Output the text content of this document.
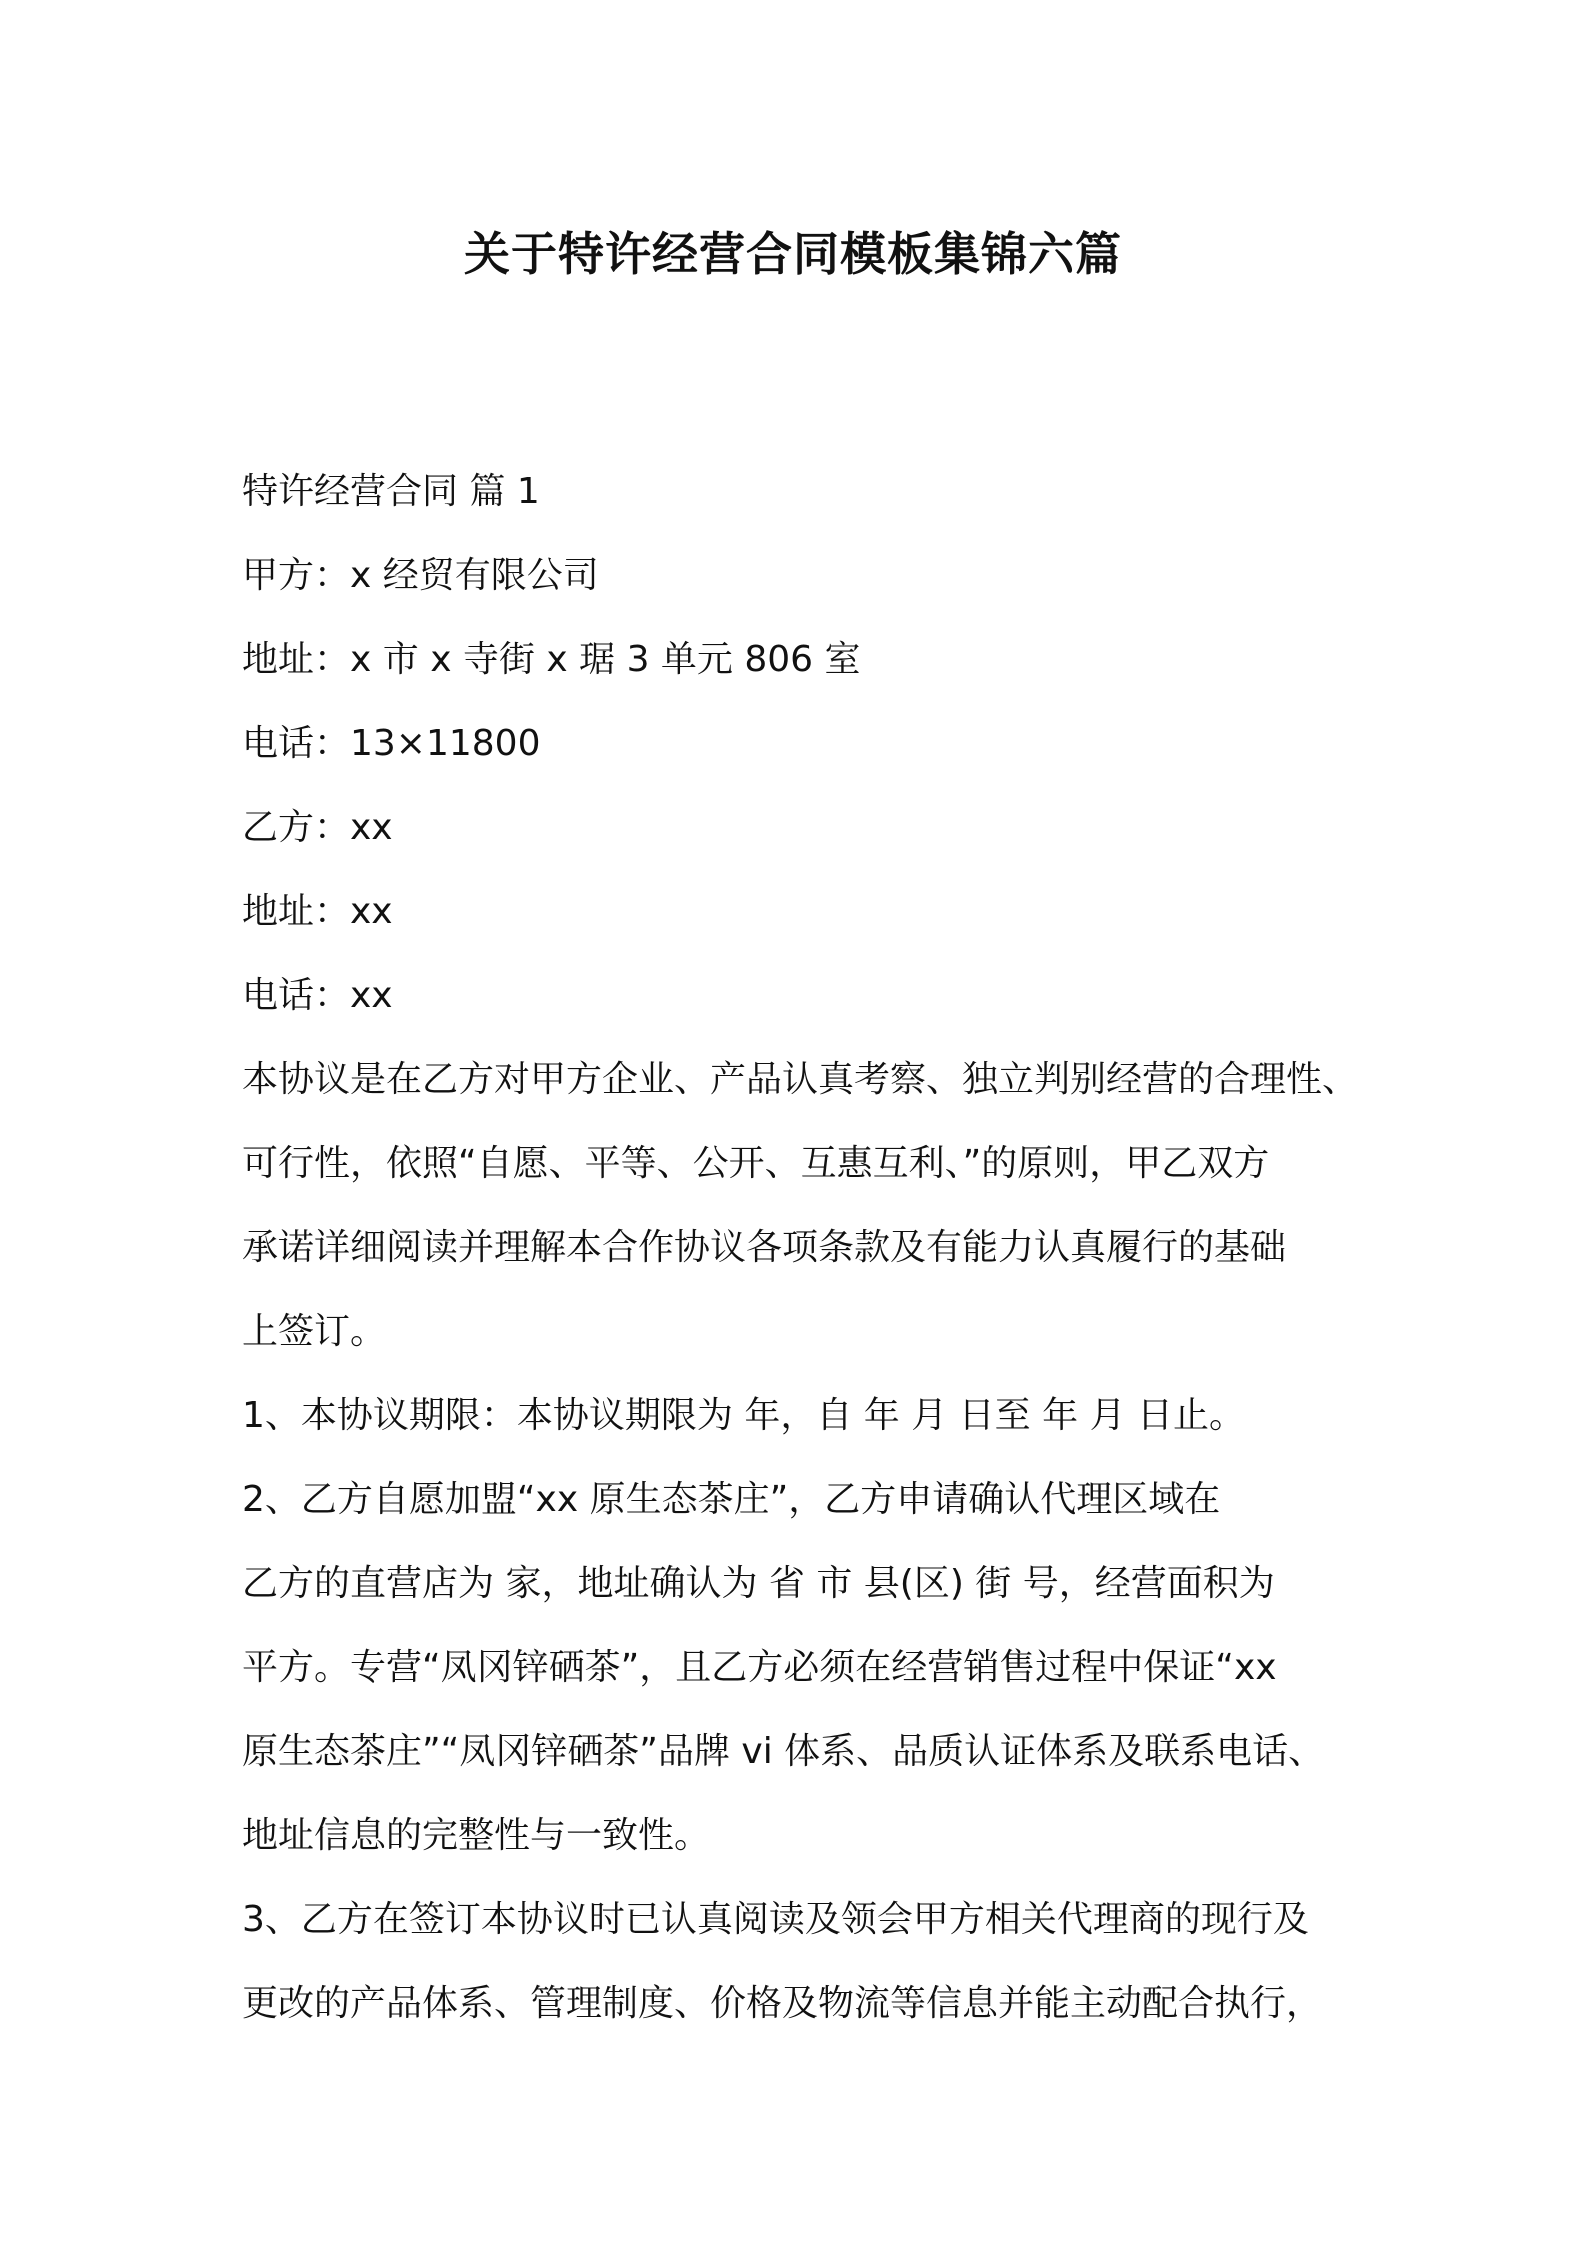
关于特许经营合同模板集锦六篇

特许经营合同 篇 1

甲方：x 经贸有限公司

地址：x 市 x 寺街 x 琚 3 单元 806 室

电话：13×11800

乙方：xx

地址：xx

电话：xx

本协议是在乙方对甲方企业、产品认真考察、独立判别经营的合理性、

可行性，依照“自愿、平等、公开、互惠互利、”的原则，甲乙双方

承诺详细阅读并理解本合作协议各项条款及有能力认真履行的基础

上签订。

1、本协议期限：本协议期限为 年，自 年 月 日至 年 月 日止。

2、乙方自愿加盟“xx 原生态茶庄”，乙方申请确认代理区域在

乙方的直营店为 家，地址确认为 省 市 县(区) 街 号，经营面积为

平方。专营“凤冈锌硒茶”，且乙方必须在经营销售过程中保证“xx

原生态茶庄”“凤冈锌硒茶”品牌 vi 体系、品质认证体系及联系电话、

地址信息的完整性与一致性。

3、乙方在签订本协议时已认真阅读及领会甲方相关代理商的现行及

更改的产品体系、管理制度、价格及物流等信息并能主动配合执行，
